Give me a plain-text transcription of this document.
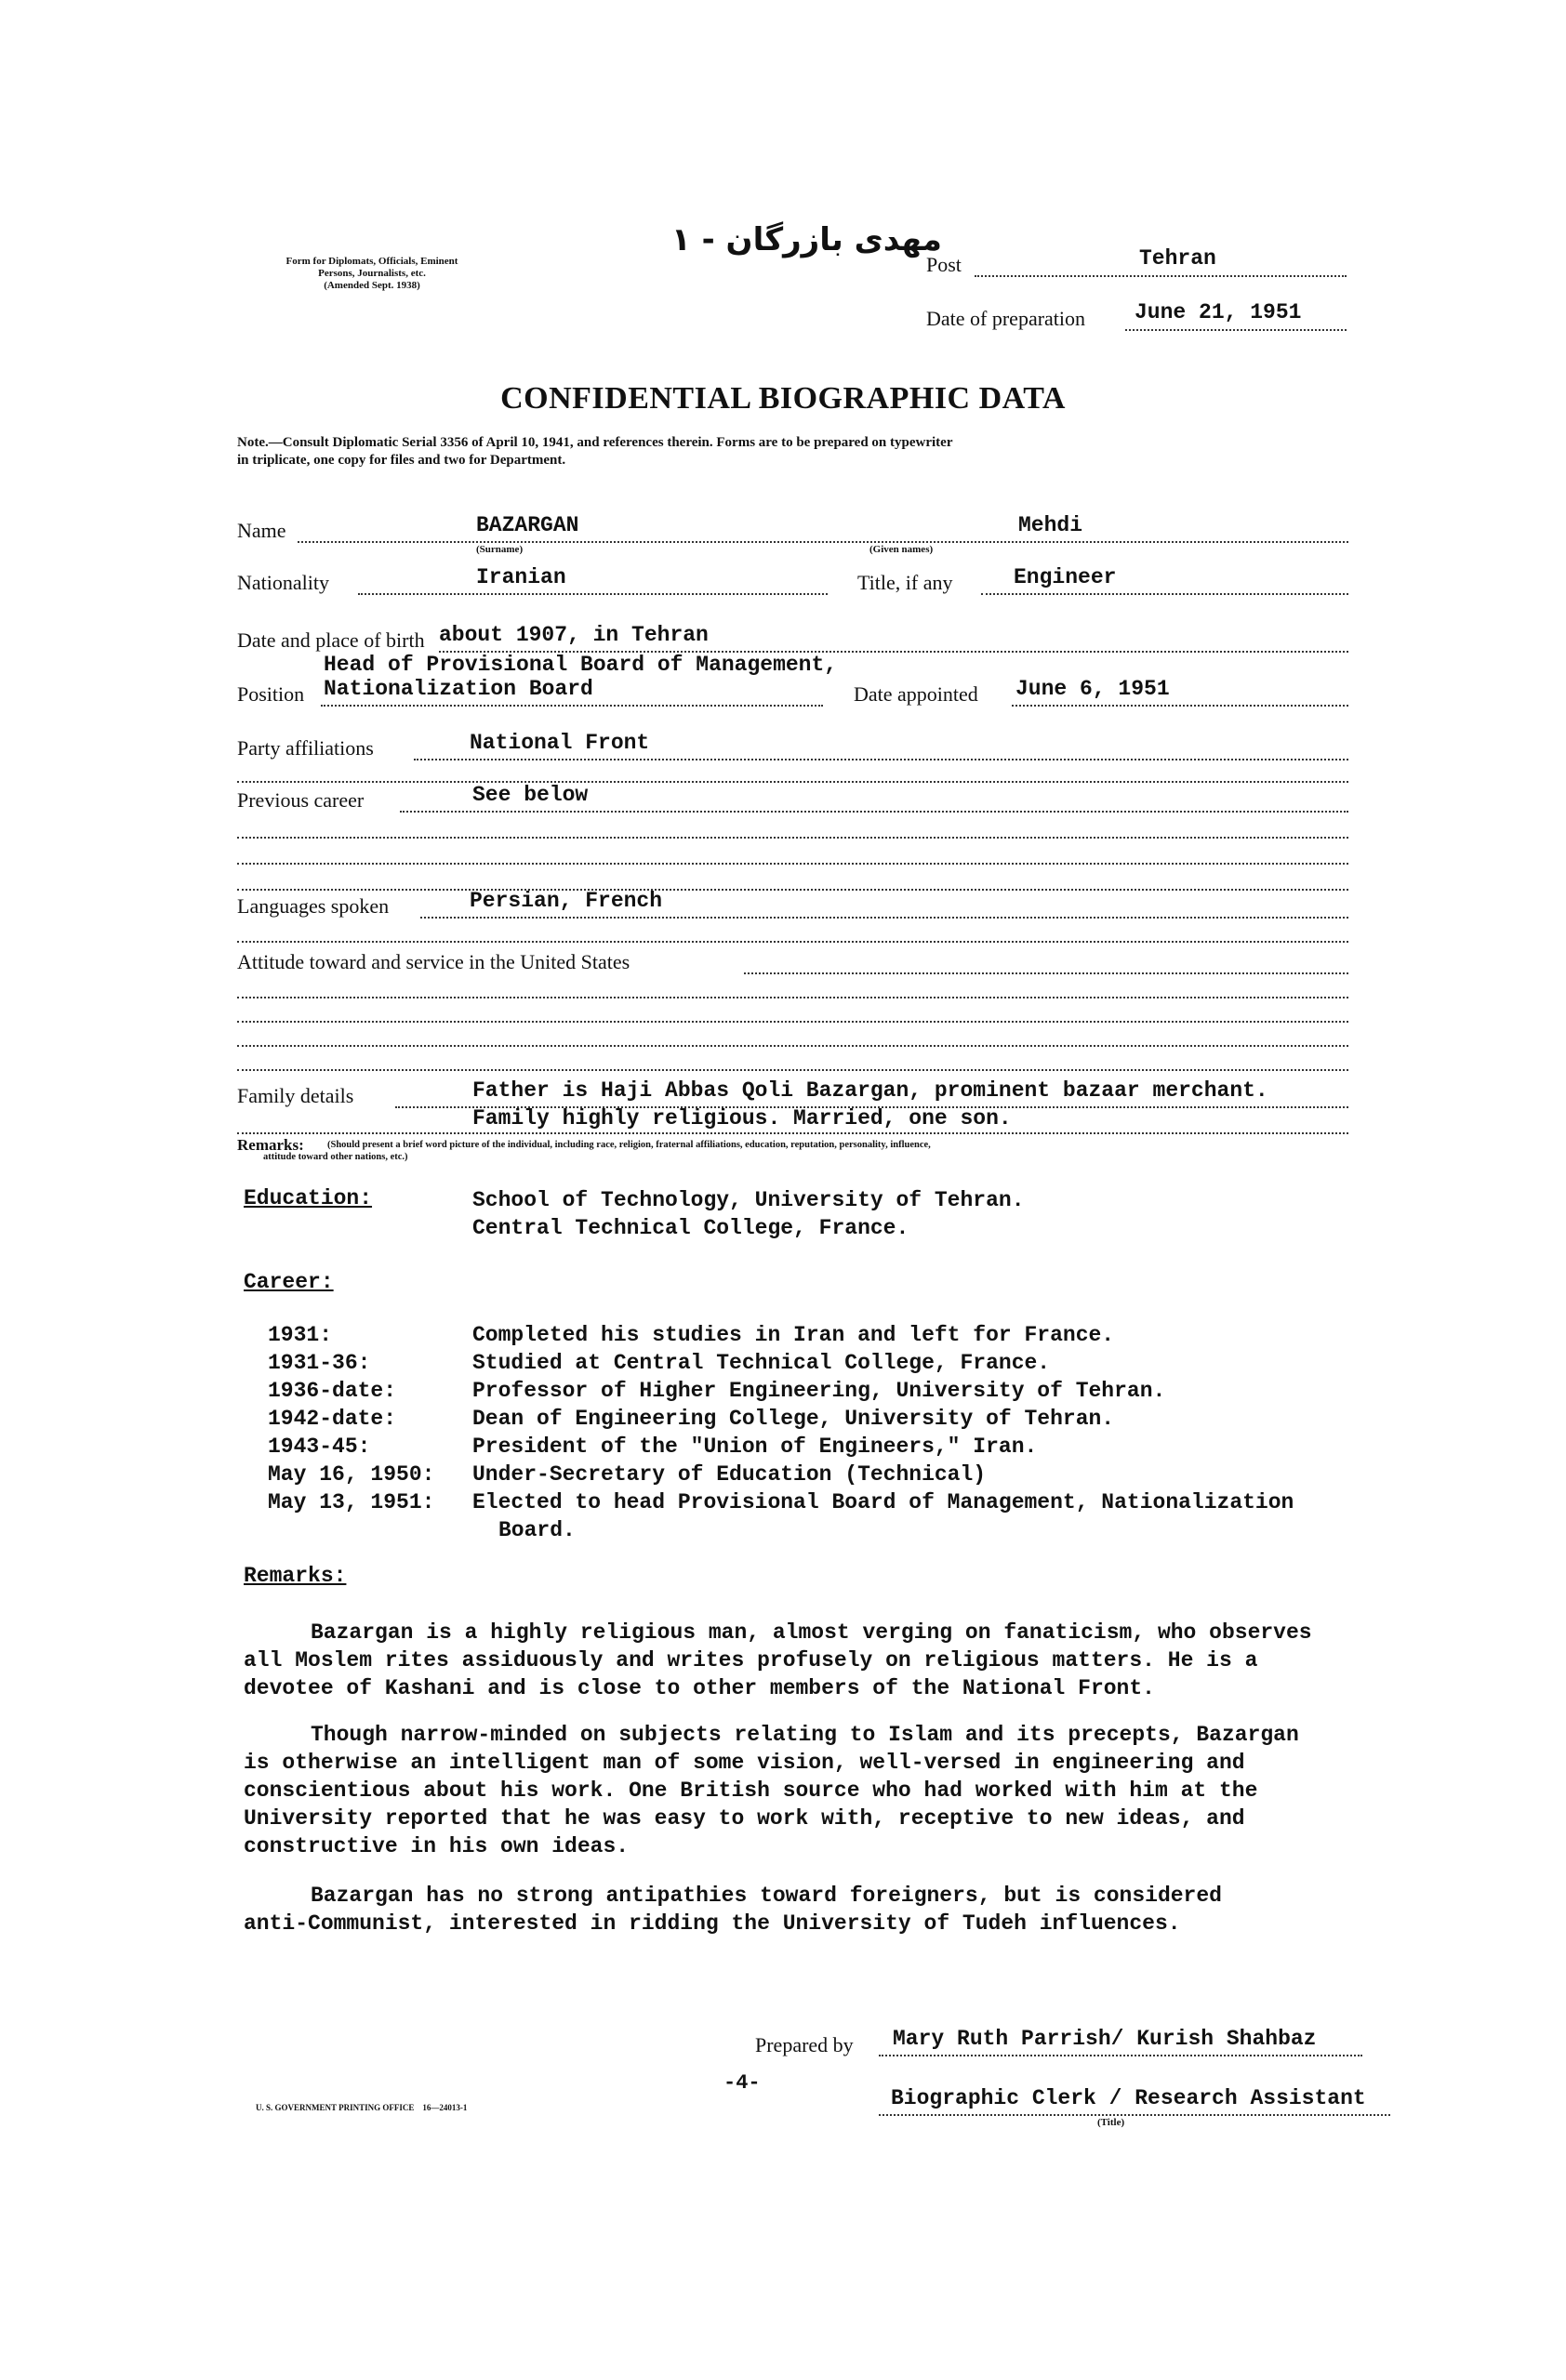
Form for Diplomats, Officials, Eminent
Persons, Journalists, etc.
(Amended Sept. 1938)
مهدی بازرگان - ۱
Post	Tehran
Date of preparation June 21, 1951
CONFIDENTIAL BIOGRAPHIC DATA
Note.—Consult Diplomatic Serial 3356 of April 10, 1941, and references therein. Forms are to be prepared on typewriter
in triplicate, one copy for files and two for Department.
Name	BAZARGAN
(Surname)
Mehdi
(Given names)
Nationality	Iranian	Title, if any	Engineer
Date and place of birth about 1907, in Tehran
Head of Provisional Board of Management,
Position Nationalization Board	Date appointed June 6, 1951
Party affiliations	National Front
Previous career	See below
Languages spoken	Persian, French
Attitude toward and service in the United States
Family details	Father is Haji Abbas Qoli Bazargan, prominent bazaar merchant.
Family highly religious. Married, one son.
Remarks: (Should present a brief word picture of the individual, including race, religion, fraternal affiliations, education, reputation, personality, influence,
attitude toward other nations, etc.)
Education:	School of Technology, University of Tehran.
Central Technical College, France.
Career:
1931:	Completed his studies in Iran and left for France.
1931-36:	Studied at Central Technical College, France.
1936-date:	Professor of Higher Engineering, University of Tehran.
1942-date:	Dean of Engineering College, University of Tehran.
1943-45:	President of the "Union of Engineers," Iran.
May 16, 1950:	Under-Secretary of Education (Technical)
May 13, 1951:	Elected to head Provisional Board of Management, Nationalization
Board.
Remarks:
Bazargan is a highly religious man, almost verging on fanaticism, who observes
all Moslem rites assiduously and writes profusely on religious matters. He is a
devotee of Kashani and is close to other members of the National Front.
Though narrow-minded on subjects relating to Islam and its precepts, Bazargan
is otherwise an intelligent man of some vision, well-versed in engineering and
conscientious about his work. One British source who had worked with him at the
University reported that he was easy to work with, receptive to new ideas, and
constructive in his own ideas.
Bazargan has no strong antipathies toward foreigners, but is considered
anti-Communist, interested in ridding the University of Tudeh influences.
Prepared by Mary Ruth Parrish/ Kurish Shahbaz
-4-
Biographic Clerk / Research Assistant
(Title)
U. S. GOVERNMENT PRINTING OFFICE    16—24013-1
